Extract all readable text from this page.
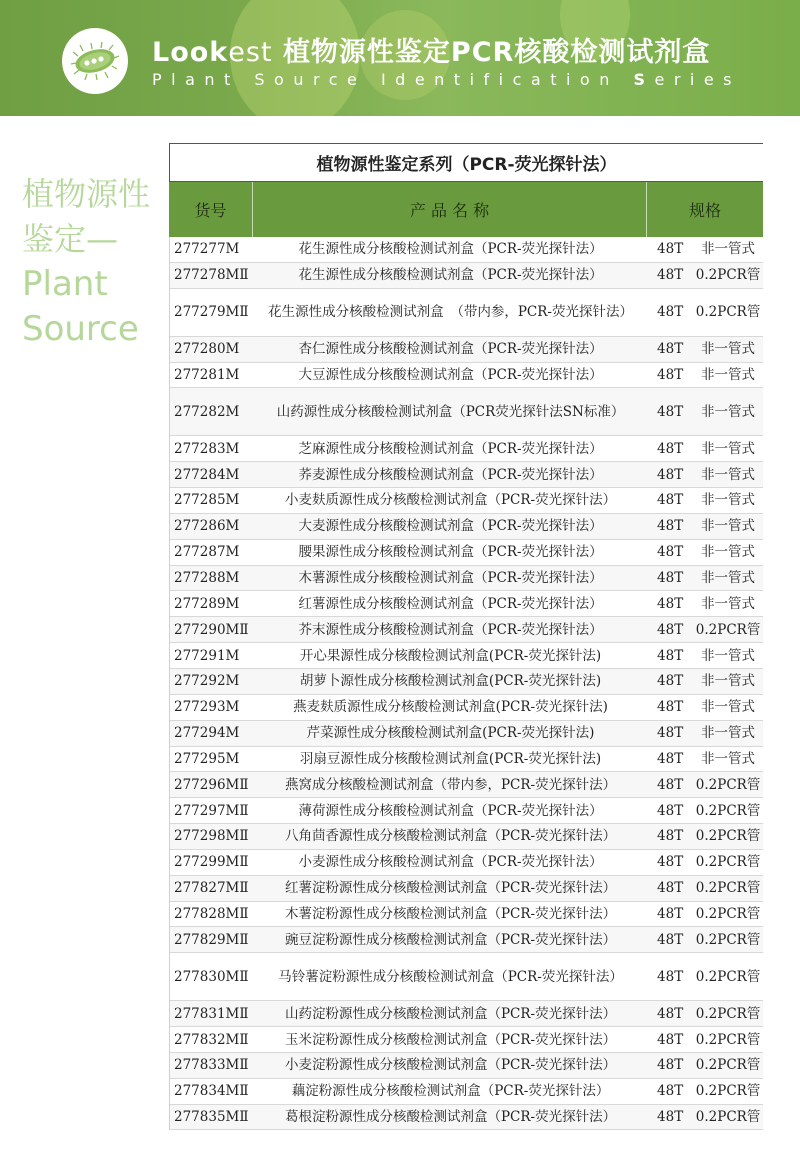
Lookest 植物源性鉴定PCR核酸检测试剂盒
Plant Source Identification Series
植物源性
鉴定—
Plant
Source
植物源性鉴定系列（PCR-荧光探针法）
货号	产 品 名 称	规格
277277M	花生源性成分核酸检测试剂盒（PCR-荧光探针法）	48T	非一管式
277278MⅡ	花生源性成分核酸检测试剂盒（PCR-荧光探针法）	48T 0.2PCR管
277279MⅡ	花生源性成分核酸检测试剂盒　（带内参，PCR-荧光探针法）	48T 0.2PCR管
277280M	杏仁源性成分核酸检测试剂盒（PCR-荧光探针法）	48T	非一管式
277281M	大豆源性成分核酸检测试剂盒（PCR-荧光探针法）	48T	非一管式
277282M	山药源性成分核酸检测试剂盒（PCR荧光探针法SN标准）	48T	非一管式
277283M	芝麻源性成分核酸检测试剂盒（PCR-荧光探针法）	48T	非一管式
277284M	荞麦源性成分核酸检测试剂盒（PCR-荧光探针法）	48T	非一管式
277285M	小麦麸质源性成分核酸检测试剂盒（PCR-荧光探针法）	48T	非一管式
277286M	大麦源性成分核酸检测试剂盒（PCR-荧光探针法）	48T	非一管式
277287M	腰果源性成分核酸检测试剂盒（PCR-荧光探针法）	48T	非一管式
277288M	木薯源性成分核酸检测试剂盒（PCR-荧光探针法）	48T	非一管式
277289M	红薯源性成分核酸检测试剂盒（PCR-荧光探针法）	48T	非一管式
277290MⅡ	芥末源性成分核酸检测试剂盒（PCR-荧光探针法）	48T 0.2PCR管
277291M	开心果源性成分核酸检测试剂盒(PCR-荧光探针法)	48T	非一管式
277292M	胡萝卜源性成分核酸检测试剂盒(PCR-荧光探针法)	48T	非一管式
277293M	燕麦麸质源性成分核酸检测试剂盒(PCR-荧光探针法)	48T	非一管式
277294M	芹菜源性成分核酸检测试剂盒(PCR-荧光探针法)	48T	非一管式
277295M	羽扇豆源性成分核酸检测试剂盒(PCR-荧光探针法)	48T	非一管式
277296MⅡ	燕窝成分核酸检测试剂盒（带内参，PCR-荧光探针法）	48T 0.2PCR管
277297MⅡ	薄荷源性成分核酸检测试剂盒（PCR-荧光探针法）	48T 0.2PCR管
277298MⅡ	八角茴香源性成分核酸检测试剂盒（PCR-荧光探针法）	48T 0.2PCR管
277299MⅡ	小麦源性成分核酸检测试剂盒（PCR-荧光探针法）	48T 0.2PCR管
277827MⅡ	红薯淀粉源性成分核酸检测试剂盒（PCR-荧光探针法）	48T 0.2PCR管
277828MⅡ	木薯淀粉源性成分核酸检测试剂盒（PCR-荧光探针法）	48T 0.2PCR管
277829MⅡ	豌豆淀粉源性成分核酸检测试剂盒（PCR-荧光探针法）	48T 0.2PCR管
277830MⅡ	马铃薯淀粉源性成分核酸检测试剂盒（PCR-荧光探针法）	48T 0.2PCR管
277831MⅡ	山药淀粉源性成分核酸检测试剂盒（PCR-荧光探针法）	48T 0.2PCR管
277832MⅡ	玉米淀粉源性成分核酸检测试剂盒（PCR-荧光探针法）	48T 0.2PCR管
277833MⅡ	小麦淀粉源性成分核酸检测试剂盒（PCR-荧光探针法）	48T 0.2PCR管
277834MⅡ	藕淀粉源性成分核酸检测试剂盒（PCR-荧光探针法）	48T 0.2PCR管
277835MⅡ	葛根淀粉源性成分核酸检测试剂盒（PCR-荧光探针法）	48T 0.2PCR管
